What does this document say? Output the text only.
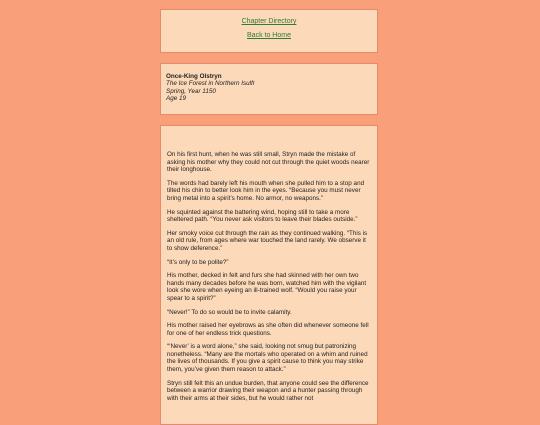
Chapter Directory
Back to Home
Once-King Olstryn
The Ice Forest in Northern Isulfr
Spring, Year 1150
Age 19

On his first hunt, when he was still small, Stryn made the mistake of asking his mother why they could not cut through the quiet woods nearer their longhouse.

The words had barely left his mouth when she pulled him to a stop and tilted his chin to better look him in the eyes. “Because you must never bring metal into a spirit’s home. No armor, no weapons.”

He squinted against the battering wind, hoping still to take a more sheltered path. “You never ask visitors to leave their blades outside.”

Her smoky voice cut through the rain as they continued walking. “This is an old rule, from ages where war touched the land rarely. We observe it to show deference.”

“It’s only to be polite?”

His mother, decked in felt and furs she had skinned with her own two hands many decades before he was born, watched him with the vigilant look she wore when eyeing an ill-trained wolf. “Would you raise your spear to a spirit?”

“Never!” To do so would be to invite calamity.

His mother raised her eyebrows as she often did whenever someone fell for one of her endless trick questions.

“‘Never’ is a word alone,” she said, looking not smug but patronizing nonetheless. “Many are the mortals who operated on a whim and ruined the lives of thousands. If you give a spirit cause to think you may strike them, you’ve given them reason to attack.”

Stryn still felt this an undue burden, that anyone could see the difference between a warrior drawing their weapon and a hunter passing through with their arms at their sides, but he would rather not
